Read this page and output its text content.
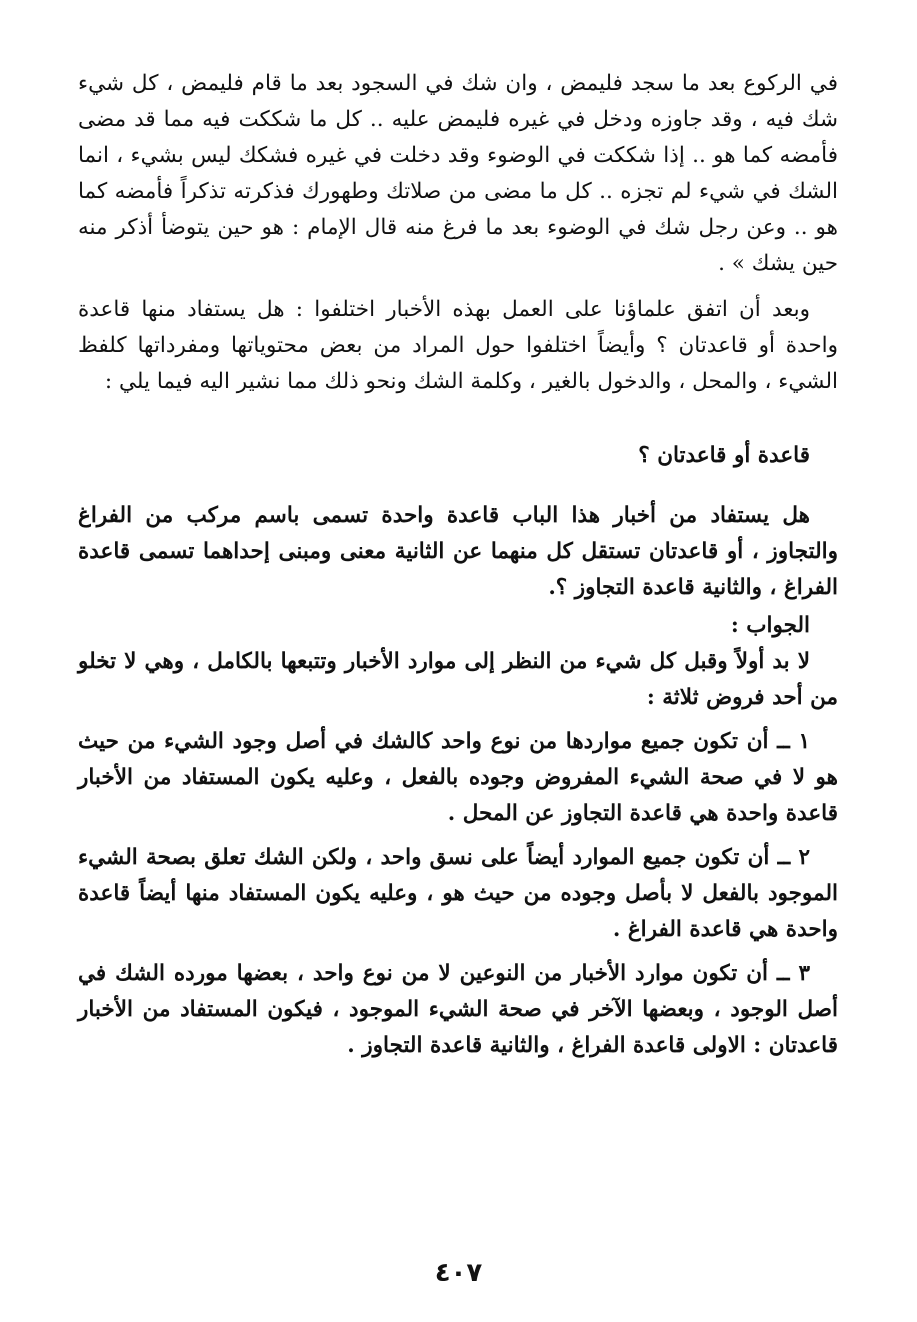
في الركوع بعد ما سجد فليمض ، وان شك في السجود بعد ما قام فليمض ، كل شيء شك فيه ، وقد جاوزه ودخل في غيره فليمض عليه .. كل ما شككت فيه مما قد مضى فأمضه كما هو .. إذا شككت في الوضوء وقد دخلت في غيره فشكك ليس بشيء ، انما الشك في شيء لم تجزه .. كل ما مضى من صلاتك وطهورك فذكرته تذكراً فأمضه كما هو .. وعن رجل شك في الوضوء بعد ما فرغ منه قال الإمام : هو حين يتوضأ أذكر منه حين يشك » .

وبعد أن اتفق علماؤنا على العمل بهذه الأخبار اختلفوا : هل يستفاد منها قاعدة واحدة أو قاعدتان ؟ وأيضاً اختلفوا حول المراد من بعض محتوياتها ومفرداتها كلفظ الشيء ، والمحل ، والدخول بالغير ، وكلمة الشك ونحو ذلك مما نشير اليه فيما يلي :

قاعدة أو قاعدتان ؟

هل يستفاد من أخبار هذا الباب قاعدة واحدة تسمى باسم مركب من الفراغ والتجاوز ، أو قاعدتان تستقل كل منهما عن الثانية معنى ومبنى إحداهما تسمى قاعدة الفراغ ، والثانية قاعدة التجاوز ؟.

الجواب :

لا بد أولاً وقبل كل شيء من النظر إلى موارد الأخبار وتتبعها بالكامل ، وهي لا تخلو من أحد فروض ثلاثة :

١ ــ أن تكون جميع مواردها من نوع واحد كالشك في أصل وجود الشيء من حيث هو لا في صحة الشيء المفروض وجوده بالفعل ، وعليه يكون المستفاد من الأخبار قاعدة واحدة هي قاعدة التجاوز عن المحل .

٢ ــ أن تكون جميع الموارد أيضاً على نسق واحد ، ولكن الشك تعلق بصحة الشيء الموجود بالفعل لا بأصل وجوده من حيث هو ، وعليه يكون المستفاد منها أيضاً قاعدة واحدة هي قاعدة الفراغ .

٣ ــ أن تكون موارد الأخبار من النوعين لا من نوع واحد ، بعضها مورده الشك في أصل الوجود ، وبعضها الآخر في صحة الشيء الموجود ، فيكون المستفاد من الأخبار قاعدتان : الاولى قاعدة الفراغ ، والثانية قاعدة التجاوز .

٤٠٧
